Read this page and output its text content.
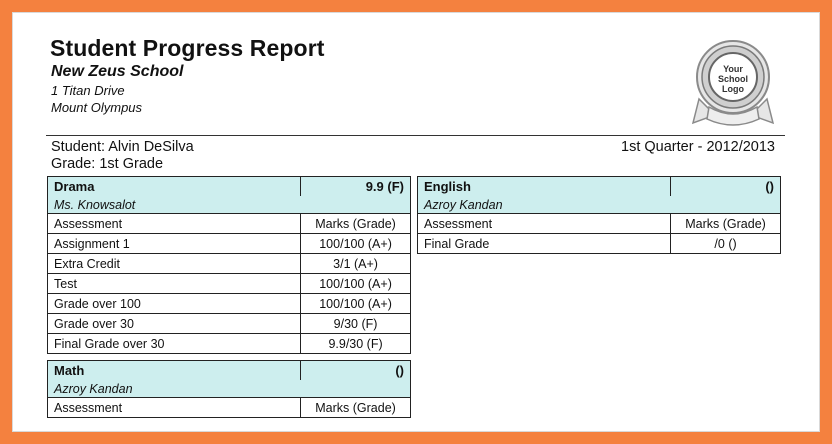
Student Progress Report
New Zeus School
1 Titan Drive
Mount Olympus
Your
School
Logo
Student: Alvin DeSilva
Grade: 1st Grade
1st Quarter - 2012/2013
Drama	9.9 (F)
Ms. Knowsalot	
Assessment	Marks (Grade)
Assignment 1	100/100 (A+)
Extra Credit	3/1 (A+)
Test	100/100 (A+)
Grade over 100	100/100 (A+)
Grade over 30	9/30 (F)
Final Grade over 30	9.9/30 (F)
English	()
Azroy Kandan	
Assessment	Marks (Grade)
Final Grade	/0 ()
Math	()
Azroy Kandan	
Assessment	Marks (Grade)
